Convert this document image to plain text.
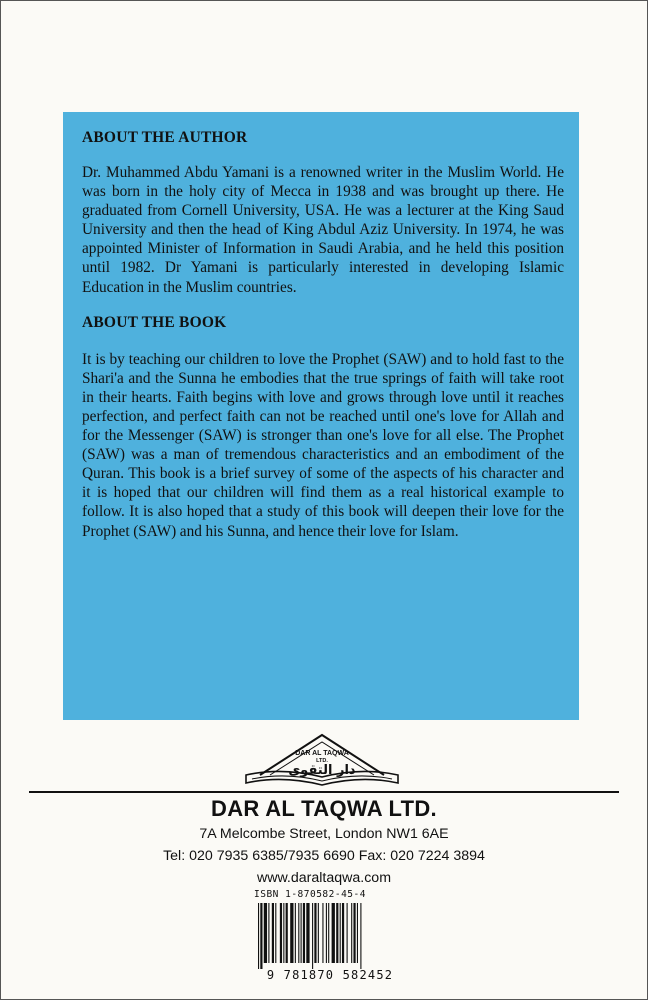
ABOUT THE AUTHOR

Dr. Muhammed Abdu Yamani is a renowned writer in the Muslim World. He was born in the holy city of Mecca in 1938 and was brought up there. He graduated from Cornell University, USA. He was a lecturer at the King Saud University and then the head of King Abdul Aziz University. In 1974, he was appointed Minister of Information in Saudi Arabia, and he held this position until 1982. Dr Yamani is particularly interested in developing Islamic Education in the Muslim countries.

ABOUT THE BOOK

It is by teaching our children to love the Prophet (SAW) and to hold fast to the Shari'a and the Sunna he embodies that the true springs of faith will take root in their hearts. Faith begins with love and grows through love until it reaches perfection, and perfect faith can not be reached until one's love for Allah and for the Messenger (SAW) is stronger than one's love for all else. The Prophet (SAW) was a man of tremendous characteristics and an embodiment of the Quran. This book is a brief survey of some of the aspects of his character and it is hoped that our children will find them as a real historical example to follow. It is also hoped that a study of this book will deepen their love for the Prophet (SAW) and his Sunna, and hence their love for Islam.

DAR AL TAQWA
LTD.
دار التقوى
DAR AL TAQWA LTD.
7A Melcombe Street, London NW1 6AE
Tel: 020 7935 6385/7935 6690 Fax: 020 7224 3894
www.daraltaqwa.com
ISBN 1-870582-45-4
9 781870 582452
